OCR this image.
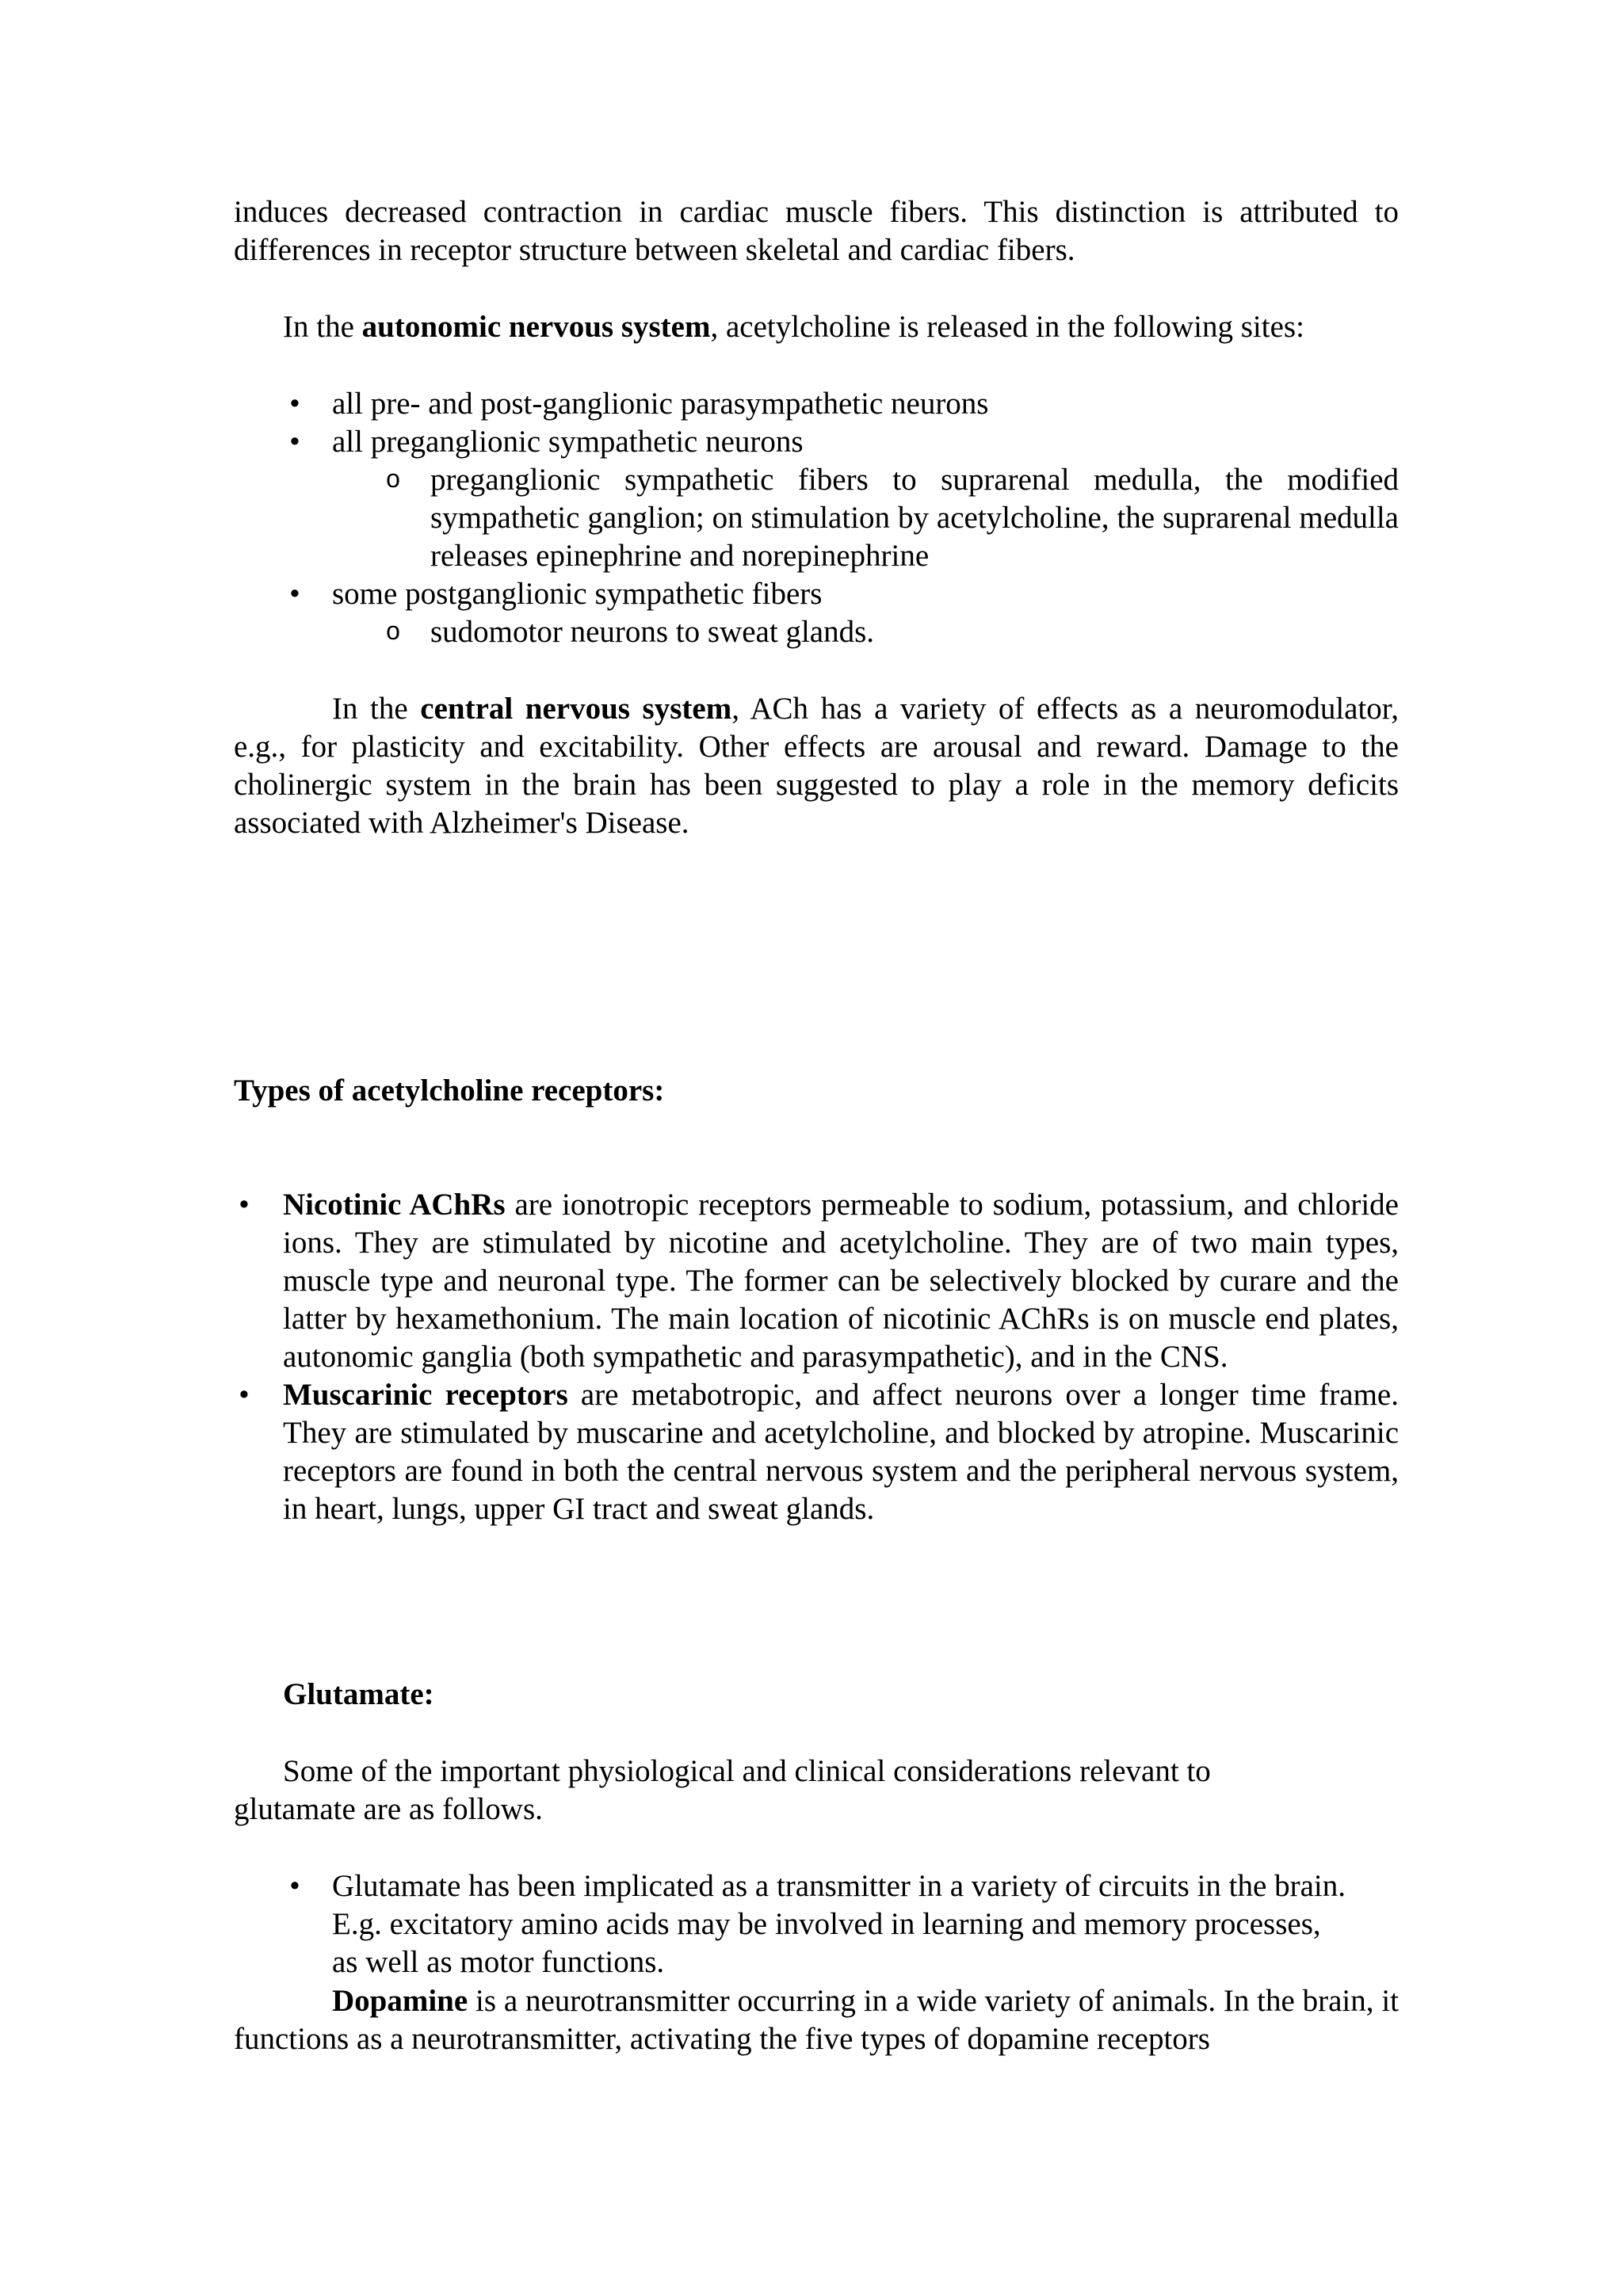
induces decreased contraction in cardiac muscle fibers. This distinction is attributed to differences in receptor structure between skeletal and cardiac fibers.

In the autonomic nervous system, acetylcholine is released in the following sites:

• all pre- and post-ganglionic parasympathetic neurons
• all preganglionic sympathetic neurons
o preganglionic sympathetic fibers to suprarenal medulla, the modified sympathetic ganglion; on stimulation by acetylcholine, the suprarenal medulla releases epinephrine and norepinephrine

• some postganglionic sympathetic fibers
o sudomotor neurons to sweat glands.

In the central nervous system, ACh has a variety of effects as a neuromodulator, e.g., for plasticity and excitability. Other effects are arousal and reward. Damage to the cholinergic system in the brain has been suggested to play a role in the memory deficits associated with Alzheimer's Disease.

Types of acetylcholine receptors:

• Nicotinic AChRs are ionotropic receptors permeable to sodium, potassium, and chloride ions. They are stimulated by nicotine and acetylcholine. They are of two main types, muscle type and neuronal type. The former can be selectively blocked by curare and the latter by hexamethonium. The main location of nicotinic AChRs is on muscle end plates, autonomic ganglia (both sympathetic and parasympathetic), and in the CNS.

• Muscarinic receptors are metabotropic, and affect neurons over a longer time frame. They are stimulated by muscarine and acetylcholine, and blocked by atropine. Muscarinic receptors are found in both the central nervous system and the peripheral nervous system, in heart, lungs, upper GI tract and sweat glands.

Glutamate:

Some of the important physiological and clinical considerations relevant to glutamate are as follows.

• Glutamate has been implicated as a transmitter in a variety of circuits in the brain. E.g. excitatory amino acids may be involved in learning and memory processes, as well as motor functions.

Dopamine is a neurotransmitter occurring in a wide variety of animals. In the brain, it functions as a neurotransmitter, activating the five types of dopamine receptors
